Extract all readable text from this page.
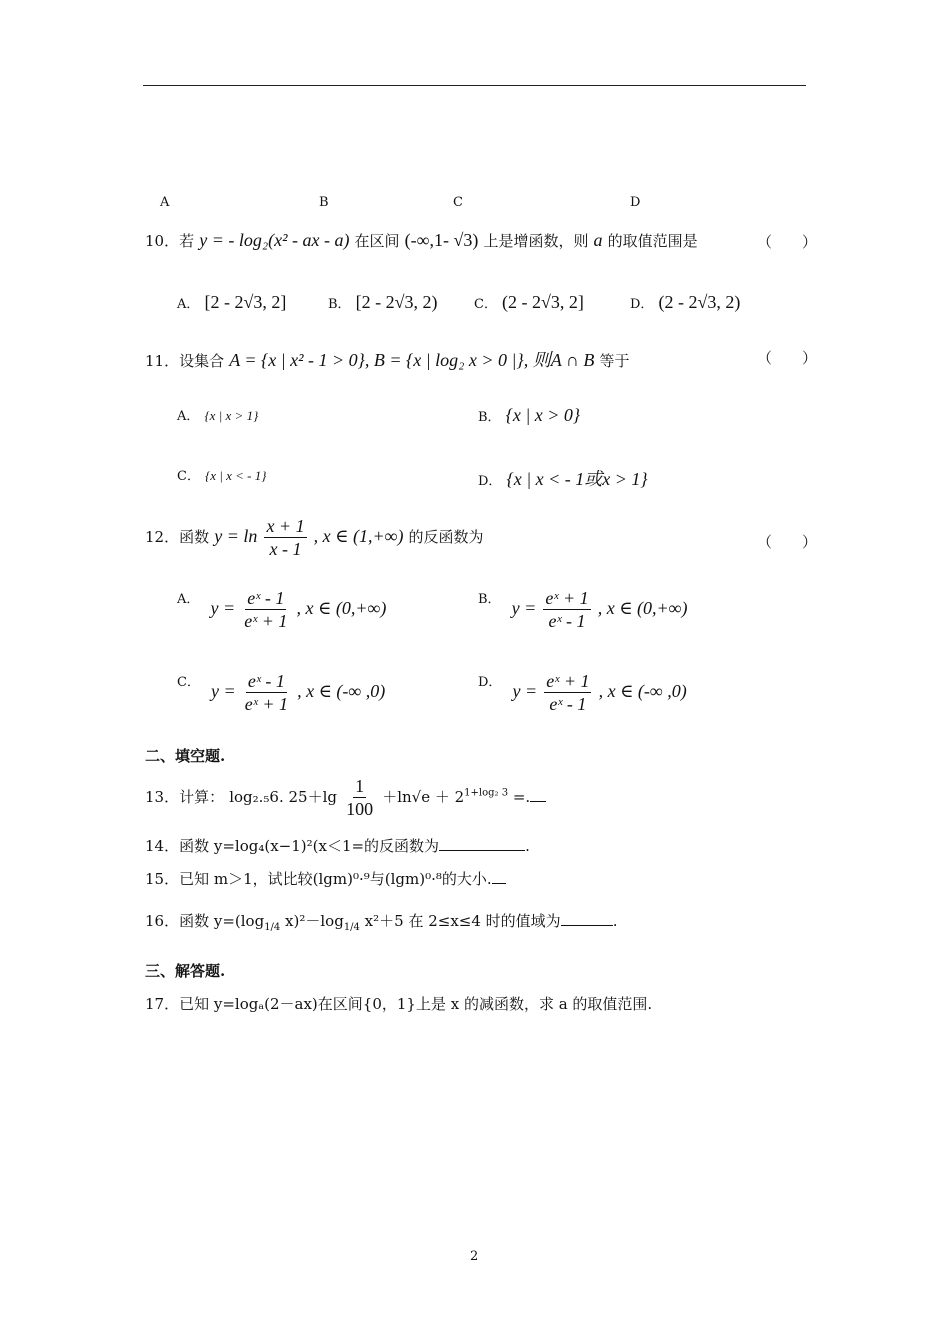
A	B	C	D
10．若 y = - log₂(x² - ax - a) 在区间 (-∞,1- √3) 上是增函数，则 a 的取值范围是	（　　）
A． [2 - 2√3, 2]	B． [2 - 2√3, 2)	C． (2 - 2√3, 2]	D． (2 - 2√3, 2)
11．设集合 A = {x | x² - 1 > 0}, B = {x | log₂ x > 0 |}, 则A ∩ B 等于	（　　）
A． {x | x > 1}	B． {x | x > 0}
C． {x | x < - 1}	D． {x | x < - 1或x > 1}
12．函数 $y = \ln \frac{x + 1}{x - 1}$ , x ∈ (1,+∞) 的反函数为	（　　）
$^{A.}$ $y = \frac{\text{eˣ - 1}}{\text{eˣ + 1}}$ , x ∈ (0,+∞)	$^{B.}$ $y = \frac{\text{eˣ + 1}}{\text{eˣ - 1}}$ , x ∈ (0,+∞)
$^{C.}$ $y = \frac{\text{eˣ - 1}}{\text{eˣ + 1}}$ , x ∈ (-∞ ,0)	$^{D.}$ $y = \frac{\text{eˣ + 1}}{\text{eˣ - 1}}$ , x ∈ (-∞ ,0)
二、填空题.
13．计算： log₂.₅6. $25+\lg \frac{1}{100} +\ln√e + 2^{1+log_2 3}$ =.
14．函数 y=log₄(x−1)²(x＜1=的反函数为	.
15．已知 m＞1，试比较(lgm)⁰·⁹与(lgm)⁰·⁸的大小.
16．函数 $y=(\log_{1/4}$ $x)^2-\log_{1/4}$ x²＋5 在 2≤x≤4 时的值域为	.
三、解答题.
17．已知 y=logₐ(2－ax)在区间{0，1}上是 x 的减函数，求 a 的取值范围.
2
